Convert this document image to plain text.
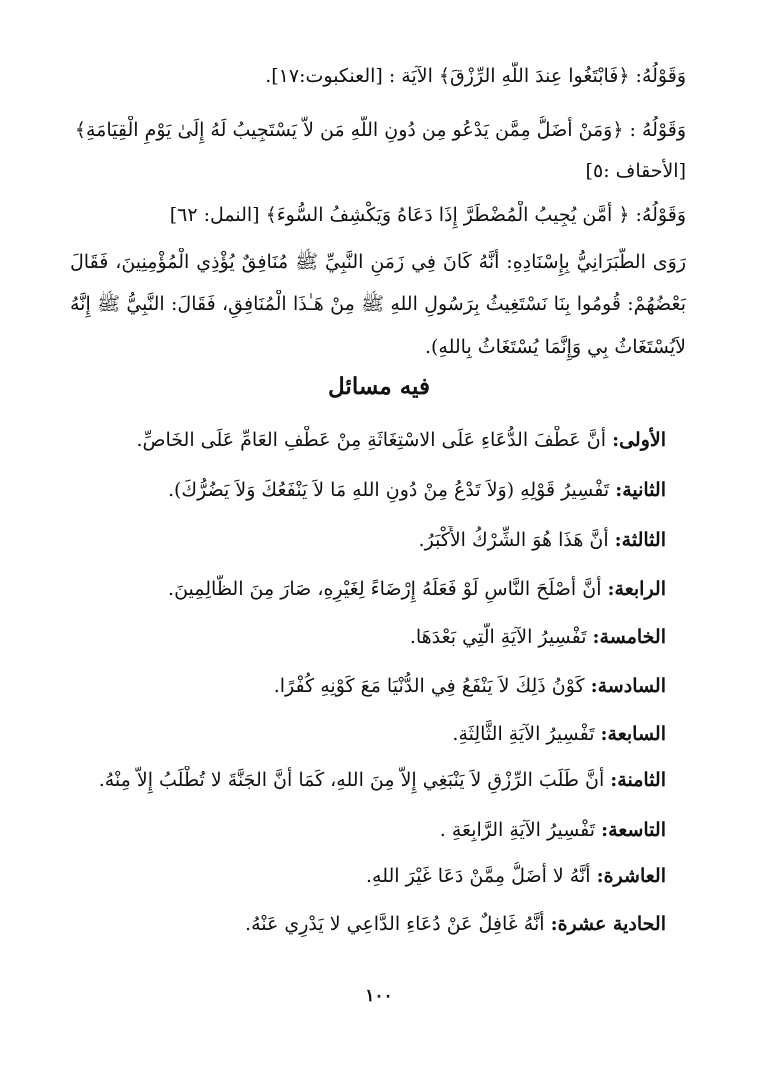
وَقَوْلُهُ: ﴿فَابْتَغُوا عِندَ اللَّهِ الرِّزْقَ﴾ الآيَة : [العنكبوت:١٧].
وَقَوْلُهُ : ﴿وَمَنْ أَضَلُّ مِمَّن يَدْعُو مِن دُونِ اللَّهِ مَن لاَّ يَسْتَجِيبُ لَهُ إِلَىٰ يَوْمِ الْقِيَامَةِ﴾
[الأحقاف :٥]
وَقَوْلُهُ: ﴿ أَمَّن يُجِيبُ الْمُضْطَرَّ إِذَا دَعَاهُ وَيَكْشِفُ السُّوءَ﴾ [النمل: ٦٢]
رَوَى الطَّبَرَانِيُّ بِإِسْنَادِهِ: أَنَّهُ كَانَ فِي زَمَنِ النَّبِيِّ ﷺ مُنَافِقٌ يُؤْذِي الْمُؤْمِنِينَ، فَقَالَ
بَعْضُهُمْ: قُومُوا بِنَا نَسْتَغِيثُ بِرَسُولِ اللهِ ﷺ مِنْ هَـٰذَا الْمُنَافِقِ، فَقَالَ: النَّبِيُّ ﷺ إِنَّهُ
لاَيُسْتَغَاثُ بِي وَإِنَّمَا يُسْتَغَاثُ بِاللهِ).
فيه مسائل
الأولى: أَنَّ عَطْفَ الدُّعَاءِ عَلَى الاسْتِغَاثَةِ مِنْ عَطْفِ العَامِّ عَلَى الخَاصِّ.
الثانية: تَفْسِيرُ قَوْلِهِ (وَلاَ تَدْعُ مِنْ دُونِ اللهِ مَا لاَ يَنْفَعُكَ وَلاَ يَضُرُّكَ).
الثالثة: أَنَّ هَذَا هُوَ الشِّرْكُ الأَكْبَرُ.
الرابعة: أَنَّ أَصْلَحَ النَّاسِ لَوْ فَعَلَهُ إِرْضَاءً لِغَيْرِهِ، صَارَ مِنَ الظَّالِمِينَ.
الخامسة: تَفْسِيرُ الآيَةِ الَّتِي بَعْدَهَا.
السادسة: كَوْنُ ذَلِكَ لاَ يَنْفَعُ فِي الدُّنْيَا مَعَ كَوْنِهِ كُفْرًا.
السابعة: تَفْسِيرُ الآيَةِ الثَّالِثَةِ.
الثامنة: أَنَّ طَلَبَ الرِّزْقِ لاَ يَنْبَغِي إِلاَّ مِنَ اللهِ، كَمَا أَنَّ الجَنَّةَ لا تُطْلَبُ إِلاَّ مِنْهُ.
التاسعة: تَفْسِيرُ الآيَةِ الرَّابِعَةِ .
العاشرة: أَنَّهُ لا أَضَلُّ مِمَّنْ دَعَا غَيْرَ اللهِ.
الحادية عشرة: أَنَّهُ غَافِلٌ عَنْ دُعَاءِ الدَّاعِي لا يَدْرِي عَنْهُ.
١٠٠
